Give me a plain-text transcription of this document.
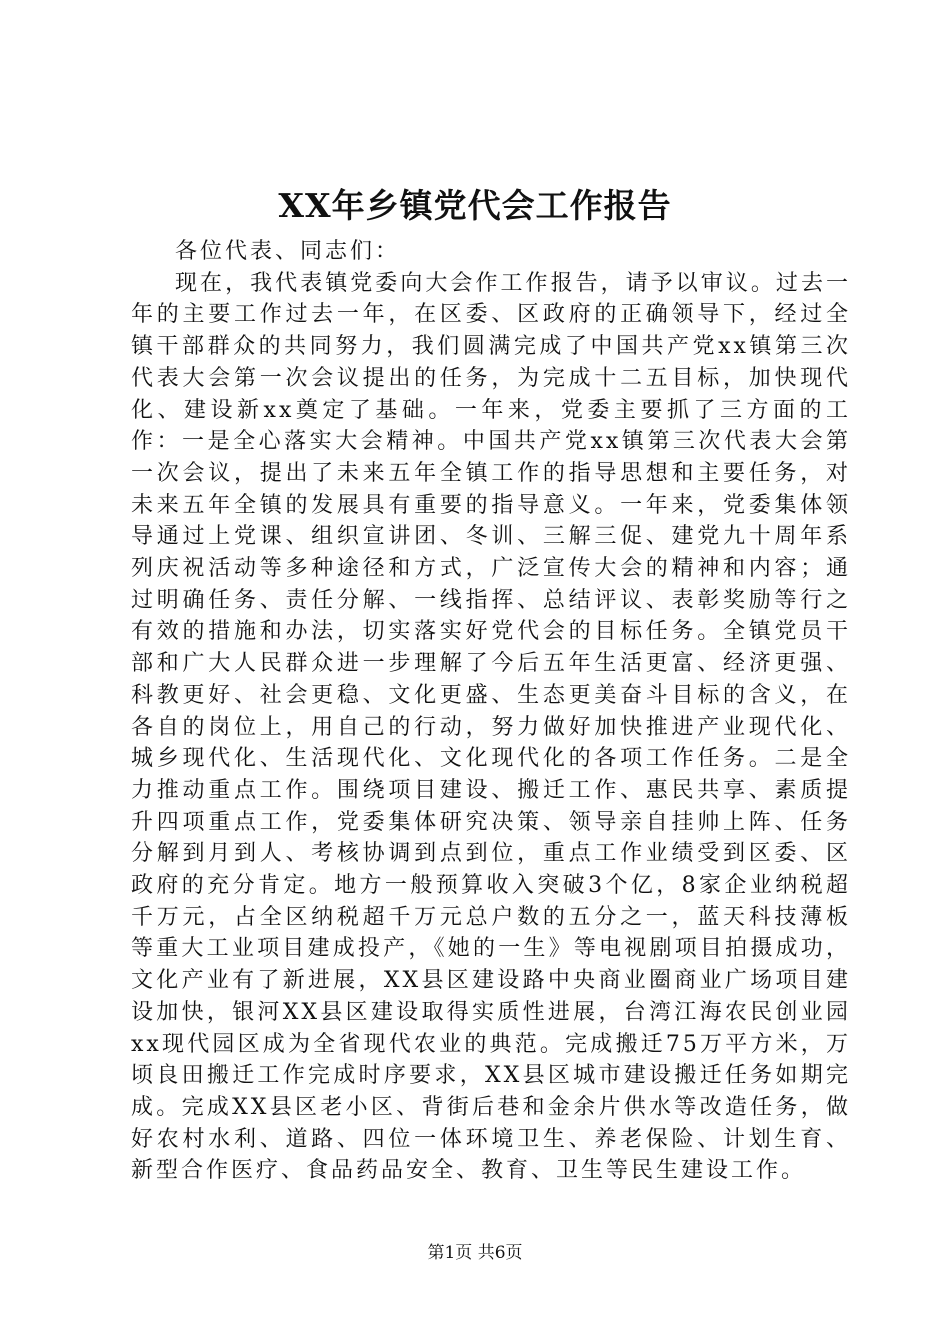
XX年乡镇党代会工作报告

各位代表、同志们：

现在，我代表镇党委向大会作工作报告，请予以审议。过去一年的主要工作过去一年，在区委、区政府的正确领导下，经过全镇干部群众的共同努力，我们圆满完成了中国共产党xx镇第三次代表大会第一次会议提出的任务，为完成十二五目标，加快现代化、建设新xx奠定了基础。一年来，党委主要抓了三方面的工作：一是全心落实大会精神。中国共产党xx镇第三次代表大会第一次会议，提出了未来五年全镇工作的指导思想和主要任务，对未来五年全镇的发展具有重要的指导意义。一年来，党委集体领导通过上党课、组织宣讲团、冬训、三解三促、建党九十周年系列庆祝活动等多种途径和方式，广泛宣传大会的精神和内容；通过明确任务、责任分解、一线指挥、总结评议、表彰奖励等行之有效的措施和办法，切实落实好党代会的目标任务。全镇党员干部和广大人民群众进一步理解了今后五年生活更富、经济更强、科教更好、社会更稳、文化更盛、生态更美奋斗目标的含义，在各自的岗位上，用自己的行动，努力做好加快推进产业现代化、城乡现代化、生活现代化、文化现代化的各项工作任务。二是全力推动重点工作。围绕项目建设、搬迁工作、惠民共享、素质提升四项重点工作，党委集体研究决策、领导亲自挂帅上阵、任务分解到月到人、考核协调到点到位，重点工作业绩受到区委、区政府的充分肯定。地方一般预算收入突破3个亿，8家企业纳税超千万元，占全区纳税超千万元总户数的五分之一，蓝天科技薄板等重大工业项目建成投产，《她的一生》等电视剧项目拍摄成功，文化产业有了新进展，XX县区建设路中央商业圈商业广场项目建设加快，银河XX县区建设取得实质性进展，台湾江海农民创业园xx现代园区成为全省现代农业的典范。完成搬迁75万平方米，万顷良田搬迁工作完成时序要求，XX县区城市建设搬迁任务如期完成。完成XX县区老小区、背街后巷和金余片供水等改造任务，做好农村水利、道路、四位一体环境卫生、养老保险、计划生育、新型合作医疗、食品药品安全、教育、卫生等民生建设工作。

第1页 共6页
